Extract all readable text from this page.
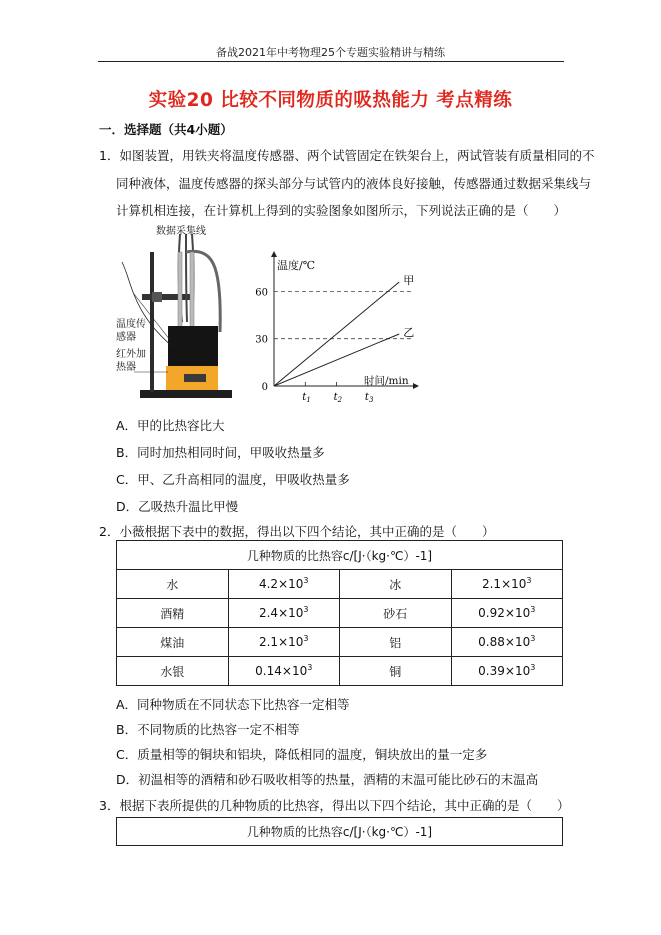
备战2021年中考物理25个专题实验精讲与精练
实验20 比较不同物质的吸热能力 考点精练
一．选择题（共4小题）
1．如图装置，用铁夹将温度传感器、两个试管固定在铁架台上，两试管装有质量相同的不
同种液体，温度传感器的探头部分与试管内的液体良好接触，传感器通过数据采集线与
计算机相连接，在计算机上得到的实验图象如图所示，下列说法正确的是（　　）
数据采集线
温度传
感器
红外加
热器
60
30
0
$t_1$ $t_2$ $t_3$
甲
乙
温度/℃
时间/min
A．甲的比热容比大
B．同时加热相同时间，甲吸收热量多
C．甲、乙升高相同的温度，甲吸收热量多
D．乙吸热升温比甲慢
2．小薇根据下表中的数据，得出以下四个结论，其中正确的是（　　）
几种物质的比热容c/[J·（kg·℃）-1]			
水	$4.2\times 10^3$	冰	$2.1\times 10^3$
酒精	$2.4\times 10^3$	砂石	$0.92\times 10^3$
煤油	$2.1\times 10^3$	铝	$0.88\times 10^3$
水银	$0.14\times 10^3$	铜	$0.39\times 10^3$
A．同种物质在不同状态下比热容一定相等
B．不同物质的比热容一定不相等
C．质量相等的铜块和铝块，降低相同的温度，铜块放出的量一定多
D．初温相等的酒精和砂石吸收相等的热量，酒精的末温可能比砂石的末温高
3．根据下表所提供的几种物质的比热容，得出以下四个结论，其中正确的是（　　）
几种物质的比热容c/[J·（kg·℃）-1]
